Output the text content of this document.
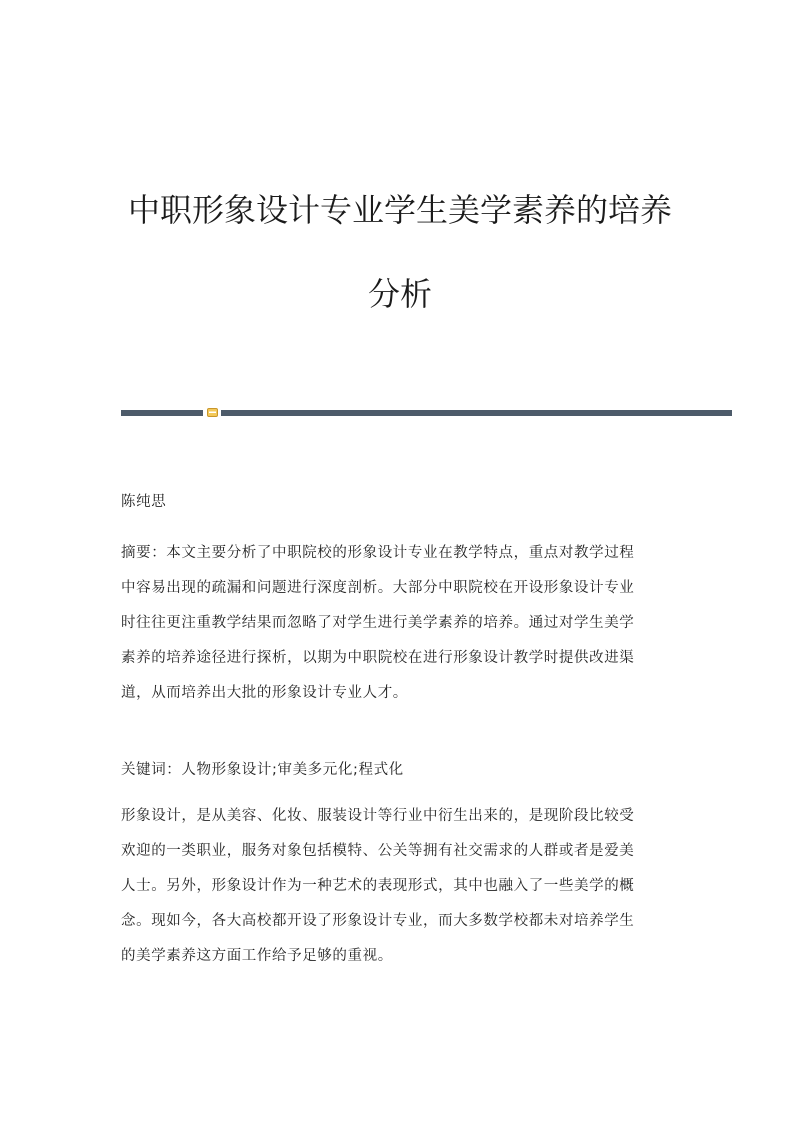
中职形象设计专业学生美学素养的培养
分析

陈纯思

摘要：本文主要分析了中职院校的形象设计专业在教学特点，重点对教学过程
中容易出现的疏漏和问题进行深度剖析。大部分中职院校在开设形象设计专业
时往往更注重教学结果而忽略了对学生进行美学素养的培养。通过对学生美学
素养的培养途径进行探析，以期为中职院校在进行形象设计教学时提供改进渠
道，从而培养出大批的形象设计专业人才。

关键词：人物形象设计;审美多元化;程式化

形象设计，是从美容、化妆、服装设计等行业中衍生出来的，是现阶段比较受
欢迎的一类职业，服务对象包括模特、公关等拥有社交需求的人群或者是爱美
人士。另外，形象设计作为一种艺术的表现形式，其中也融入了一些美学的概
念。现如今，各大高校都开设了形象设计专业，而大多数学校都未对培养学生
的美学素养这方面工作给予足够的重视。
